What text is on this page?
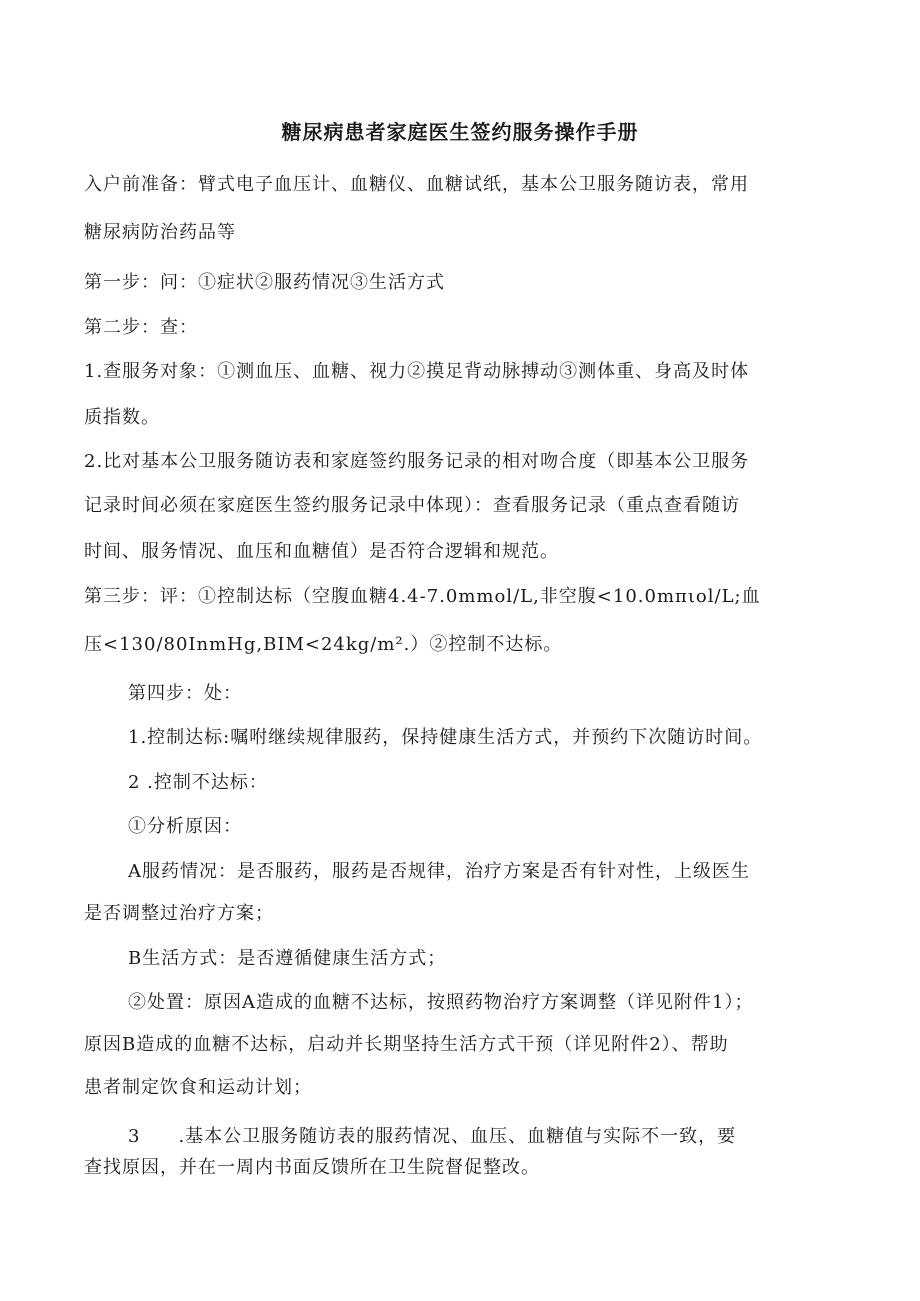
糖尿病患者家庭医生签约服务操作手册

入户前准备：臂式电子血压计、血糖仪、血糖试纸，基本公卫服务随访表，常用

糖尿病防治药品等

第一步：问：①症状②服药情况③生活方式

第二步：查：

1.查服务对象：①测血压、血糖、视力②摸足背动脉搏动③测体重、身高及时体

质指数。

2.比对基本公卫服务随访表和家庭签约服务记录的相对吻合度（即基本公卫服务

记录时间必须在家庭医生签约服务记录中体现）：查看服务记录（重点查看随访

时间、服务情况、血压和血糖值）是否符合逻辑和规范。

第三步：评：①控制达标（空腹血糖4.4-7.0mmol/L,非空腹<10.0mπιol/L;血

压<130/80InmHg,BIM<24kg/m².）②控制不达标。

第四步：处：

1.控制达标:嘱咐继续规律服药，保持健康生活方式，并预约下次随访时间。

2 .控制不达标：

①分析原因：

A服药情况：是否服药，服药是否规律，治疗方案是否有针对性，上级医生

是否调整过治疗方案；

B生活方式：是否遵循健康生活方式；

②处置：原因A造成的血糖不达标，按照药物治疗方案调整（详见附件1）；

原因B造成的血糖不达标，启动并长期坚持生活方式干预（详见附件2）、帮助

患者制定饮食和运动计划；

3　　.基本公卫服务随访表的服药情况、血压、血糖值与实际不一致，要

查找原因，并在一周内书面反馈所在卫生院督促整改。
